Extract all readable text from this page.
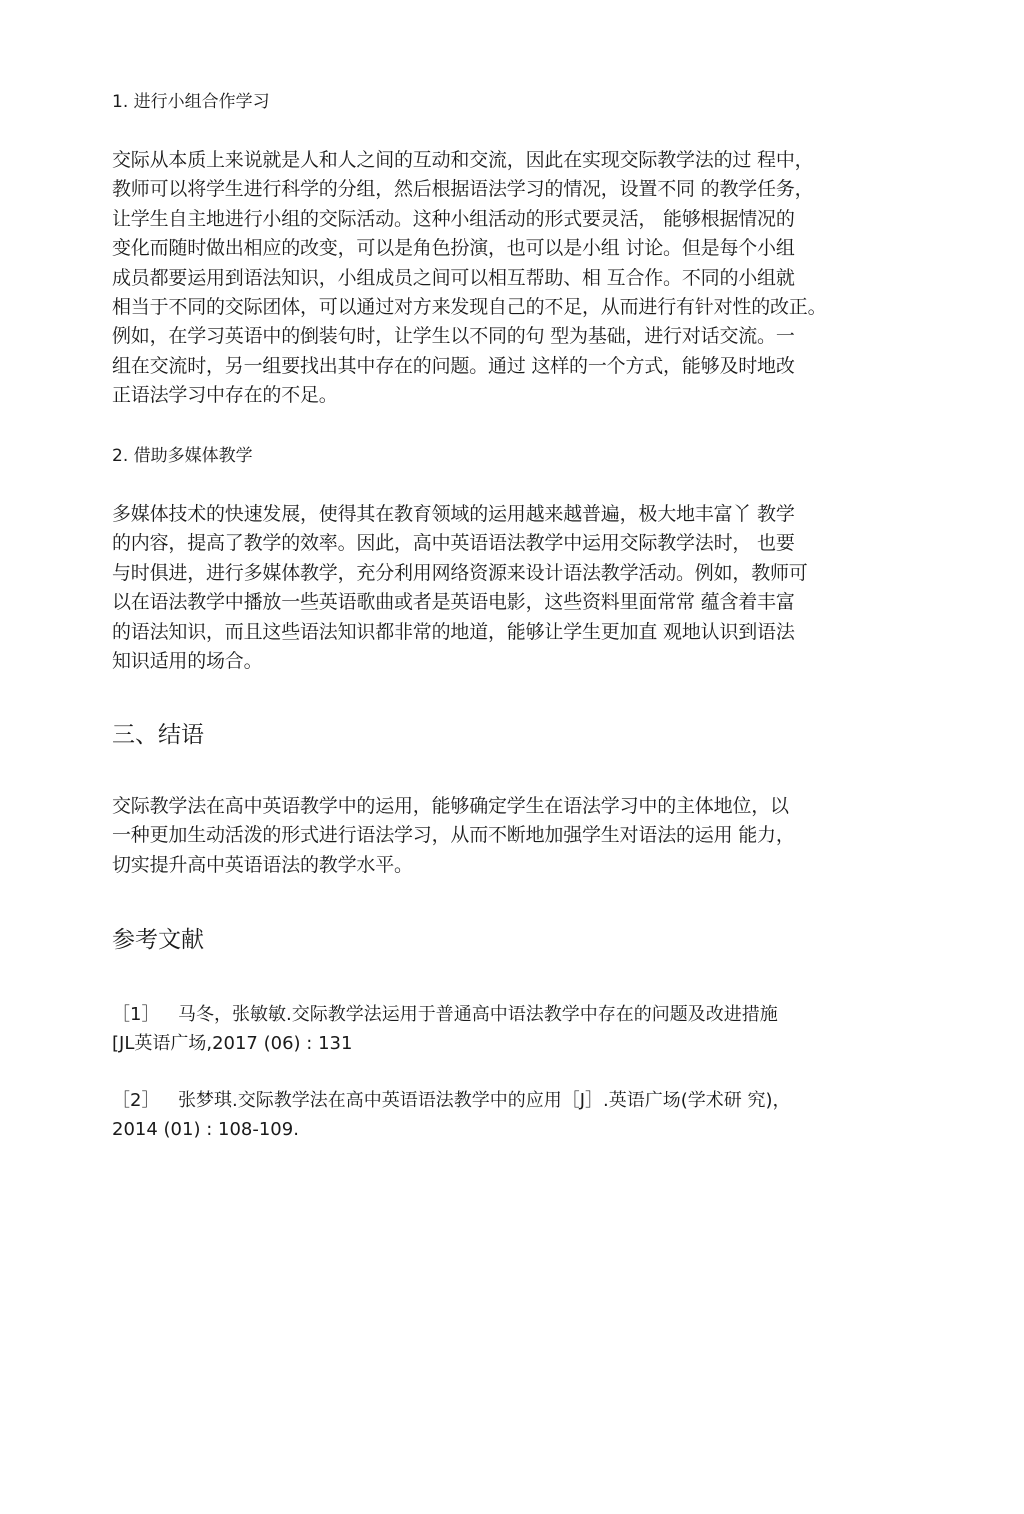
1. 进行小组合作学习
交际从本质上来说就是人和人之间的互动和交流，因此在实现交际教学法的过 程中，
教师可以将学生进行科学的分组，然后根据语法学习的情况，设置不同 的教学任务，
让学生自主地进行小组的交际活动。这种小组活动的形式要灵活， 能够根据情况的
变化而随时做出相应的改变，可以是角色扮演，也可以是小组 讨论。但是每个小组
成员都要运用到语法知识，小组成员之间可以相互帮助、相 互合作。不同的小组就
相当于不同的交际团体，可以通过对方来发现自己的不足，从而进行有针对性的改正。
例如，在学习英语中的倒装句时，让学生以不同的句 型为基础，进行对话交流。一
组在交流时，另一组要找出其中存在的问题。通过 这样的一个方式，能够及时地改
正语法学习中存在的不足。
2. 借助多媒体教学
多媒体技术的快速发展，使得其在教育领域的运用越来越普遍，极大地丰富丫 教学
的内容，提高了教学的效率。因此，高中英语语法教学中运用交际教学法时， 也要
与时俱进，进行多媒体教学，充分利用网络资源来设计语法教学活动。例如，教师可
以在语法教学中播放一些英语歌曲或者是英语电影，这些资料里面常常 蕴含着丰富
的语法知识，而且这些语法知识都非常的地道，能够让学生更加直 观地认识到语法
知识适用的场合。
三、结语
交际教学法在高中英语教学中的运用，能够确定学生在语法学习中的主体地位，以
一种更加生动活泼的形式进行语法学习，从而不断地加强学生对语法的运用 能力，
切实提升高中英语语法的教学水平。
参考文献
［1］ 马冬，张敏敏.交际教学法运用于普通高中语法教学中存在的问题及改进措施
[JL英语广场,2017 (06) : 131
［2］ 张梦琪.交际教学法在高中英语语法教学中的应用［J］.英语广场(学术研 究)，
2014 (01) : 108-109.
